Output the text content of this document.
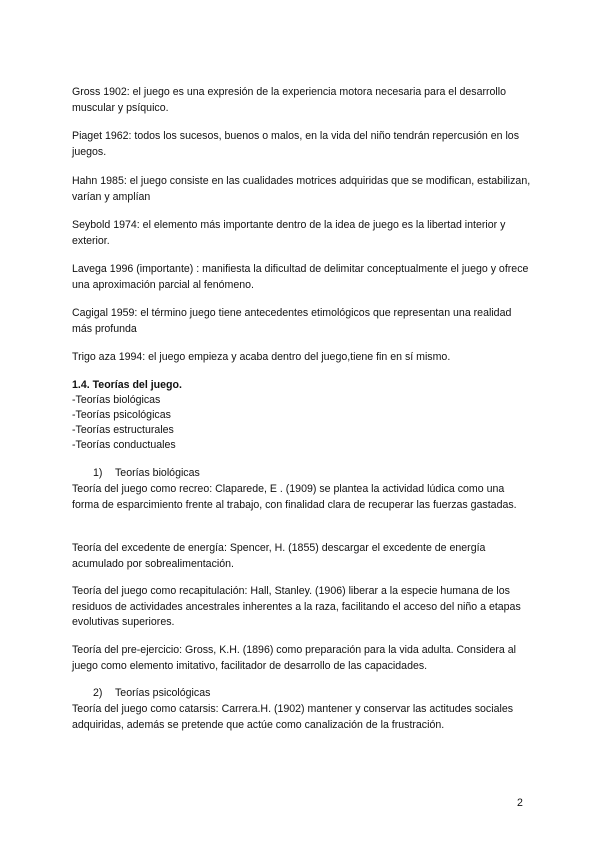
Gross 1902: el juego es una expresión de la experiencia motora necesaria para el desarrollo muscular y psíquico.

Piaget 1962: todos los sucesos, buenos o malos, en la vida del niño tendrán repercusión en los juegos.

Hahn 1985: el juego consiste en las cualidades motrices adquiridas que se modifican, estabilizan, varían y amplían

Seybold 1974: el elemento más importante dentro de la idea de juego es la libertad interior y exterior.

Lavega 1996 (importante) : manifiesta la dificultad de delimitar conceptualmente el juego y ofrece una aproximación parcial al fenómeno.

Cagigal 1959: el término juego tiene antecedentes etimológicos que representan una realidad más profunda

Trigo aza 1994: el juego empieza y acaba dentro del juego,tiene fin en sí mismo.

1.4. Teorías del juego.

-Teorías biológicas

-Teorías psicológicas

-Teorías estructurales

-Teorías conductuales

1) Teorías biológicas

Teoría del juego como recreo: Claparede, E . (1909) se plantea la actividad lúdica como una forma de esparcimiento frente al trabajo, con finalidad clara de recuperar las fuerzas gastadas.

Teoría del excedente de energía: Spencer, H. (1855) descargar el excedente de energía acumulado por sobrealimentación.

Teoría del juego como recapitulación: Hall, Stanley. (1906) liberar a la especie humana de los residuos de actividades ancestrales inherentes a la raza, facilitando el acceso del niño a etapas evolutivas superiores.

Teoría del pre-ejercicio: Gross, K.H. (1896) como preparación para la vida adulta. Considera al juego como elemento imitativo, facilitador de desarrollo de las capacidades.

2) Teorías psicológicas

Teoría del juego como catarsis: Carrera.H. (1902) mantener y conservar las actitudes sociales adquiridas, además se pretende que actúe como canalización de la frustración.

2
